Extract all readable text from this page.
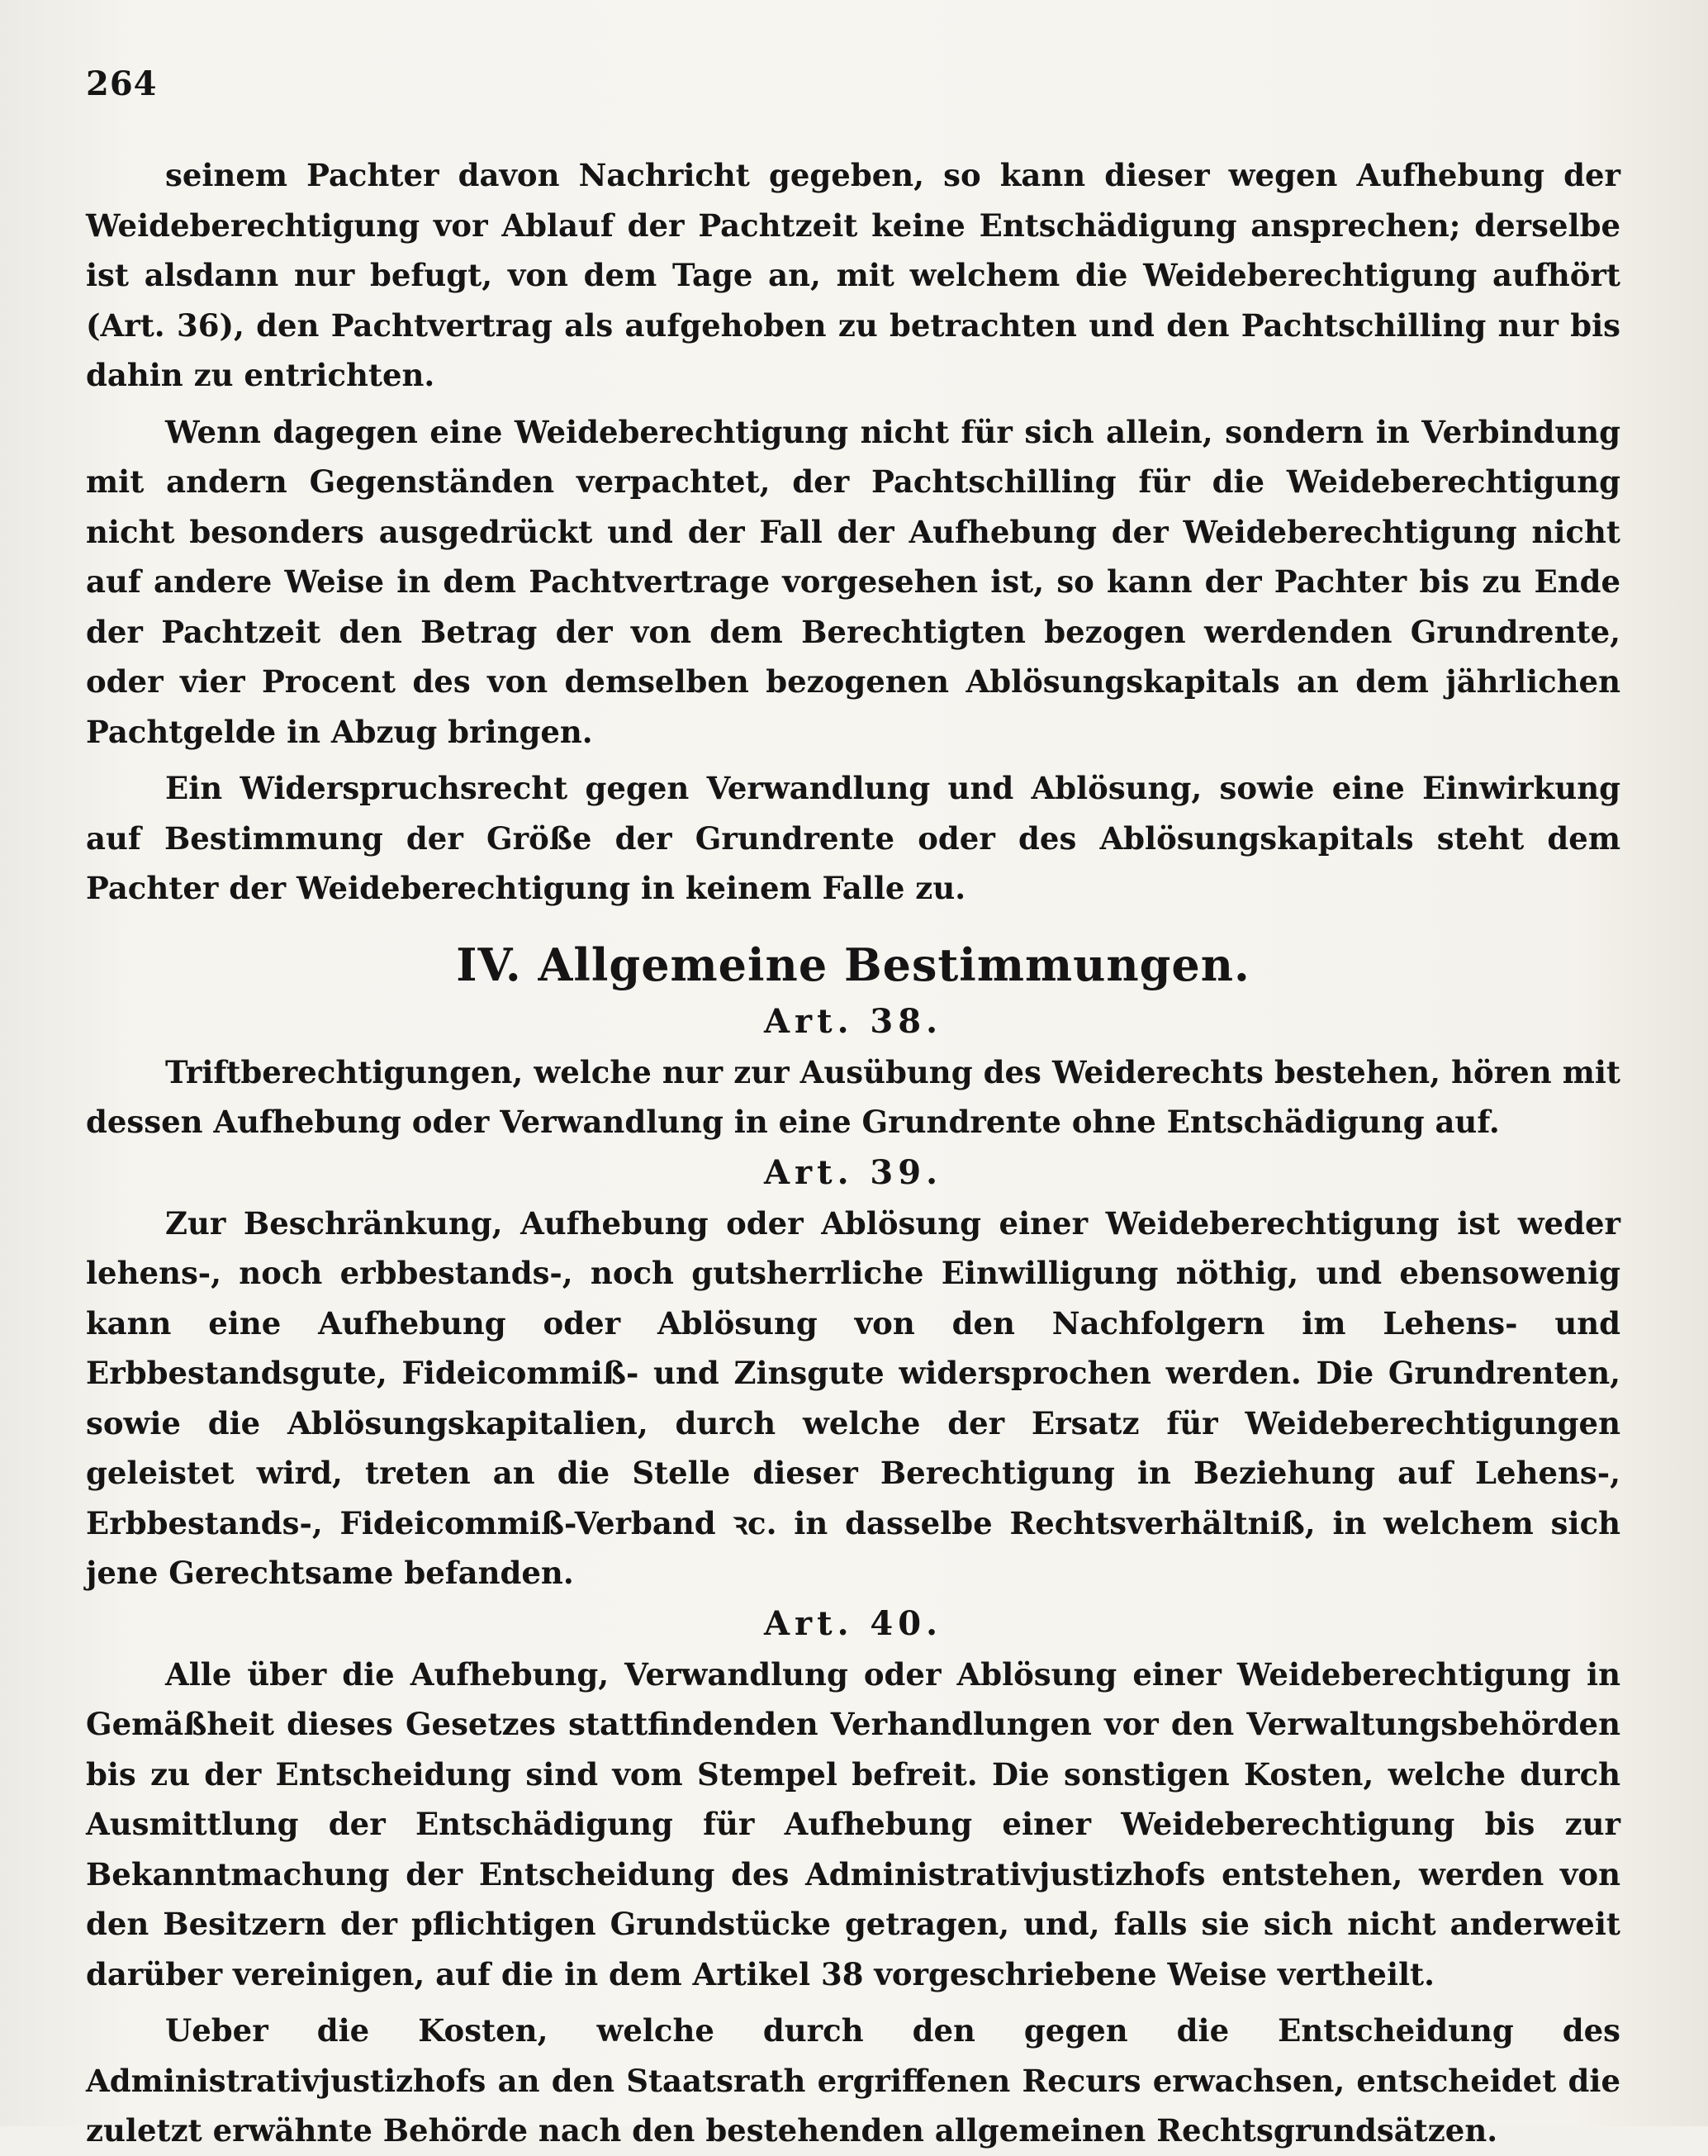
264

seinem Pachter davon Nachricht gegeben, so kann dieser wegen Aufhebung der Weideberechtigung vor Ablauf der Pachtzeit keine Entschädigung ansprechen; derselbe ist alsdann nur befugt, von dem Tage an, mit welchem die Weideberechtigung aufhört (Art. 36), den Pachtvertrag als aufgehoben zu betrachten und den Pachtschilling nur bis dahin zu entrichten.

Wenn dagegen eine Weideberechtigung nicht für sich allein, sondern in Verbindung mit andern Gegenständen verpachtet, der Pachtschilling für die Weideberechtigung nicht besonders ausgedrückt und der Fall der Aufhebung der Weideberechtigung nicht auf andere Weise in dem Pachtvertrage vorgesehen ist, so kann der Pachter bis zu Ende der Pachtzeit den Betrag der von dem Berechtigten bezogen werdenden Grundrente, oder vier Procent des von demselben bezogenen Ablösungskapitals an dem jährlichen Pachtgelde in Abzug bringen.

Ein Widerspruchsrecht gegen Verwandlung und Ablösung, sowie eine Einwirkung auf Bestimmung der Größe der Grundrente oder des Ablösungskapitals steht dem Pachter der Weideberechtigung in keinem Falle zu.

IV. Allgemeine Bestimmungen.
Art. 38.

Triftberechtigungen, welche nur zur Ausübung des Weiderechts bestehen, hören mit dessen Aufhebung oder Verwandlung in eine Grundrente ohne Entschädigung auf.

Art. 39.

Zur Beschränkung, Aufhebung oder Ablösung einer Weideberechtigung ist weder lehens-, noch erbbestands-, noch gutsherrliche Einwilligung nöthig, und ebensowenig kann eine Aufhebung oder Ablösung von den Nachfolgern im Lehens- und Erbbestandsgute, Fideicommiß- und Zinsgute widersprochen werden. Die Grundrenten, sowie die Ablösungskapitalien, durch welche der Ersatz für Weideberechtigungen geleistet wird, treten an die Stelle dieser Berechtigung in Beziehung auf Lehens-, Erbbestands-, Fideicommiß-Verband ꝛc. in dasselbe Rechtsverhältniß, in welchem sich jene Gerechtsame befanden.

Art. 40.

Alle über die Aufhebung, Verwandlung oder Ablösung einer Weideberechtigung in Gemäßheit dieses Gesetzes stattfindenden Verhandlungen vor den Verwaltungsbehörden bis zu der Entscheidung sind vom Stempel befreit. Die sonstigen Kosten, welche durch Ausmittlung der Entschädigung für Aufhebung einer Weideberechtigung bis zur Bekanntmachung der Entscheidung des Administrativjustizhofs entstehen, werden von den Besitzern der pflichtigen Grundstücke getragen, und, falls sie sich nicht anderweit darüber vereinigen, auf die in dem Artikel 38 vorgeschriebene Weise vertheilt.

Ueber die Kosten, welche durch den gegen die Entscheidung des Administrativjustizhofs an den Staatsrath ergriffenen Recurs erwachsen, entscheidet die zuletzt erwähnte Behörde nach den bestehenden allgemeinen Rechtsgrundsätzen.
